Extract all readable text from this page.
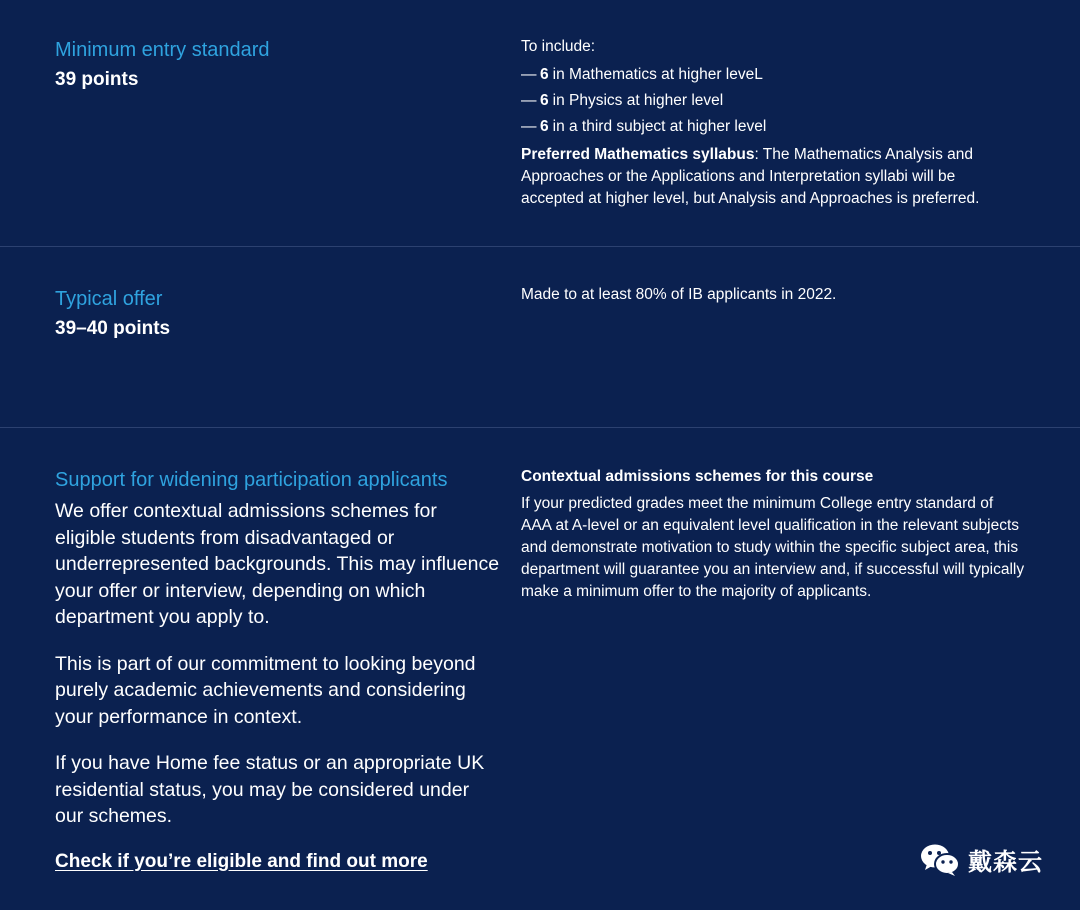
Minimum entry standard

39 points

To include:

— 6 in Mathematics at higher leveL
— 6 in Physics at higher level
— 6 in a third subject at higher level

Preferred Mathematics syllabus: The Mathematics Analysis and Approaches or the Applications and Interpretation syllabi will be accepted at higher level, but Analysis and Approaches is preferred.

Typical offer

39–40 points

Made to at least 80% of IB applicants in 2022.

Support for widening participation applicants

We offer contextual admissions schemes for eligible students from disadvantaged or underrepresented backgrounds. This may influence your offer or interview, depending on which department you apply to.

This is part of our commitment to looking beyond purely academic achievements and considering your performance in context.

If you have Home fee status or an appropriate UK residential status, you may be considered under our schemes.

Check if you’re eligible and find out more

Contextual admissions schemes for this course

If your predicted grades meet the minimum College entry standard of AAA at A-level or an equivalent level qualification in the relevant subjects and demonstrate motivation to study within the specific subject area, this department will guarantee you an interview and, if successful will typically make a minimum offer to the majority of applicants.

戴森云
